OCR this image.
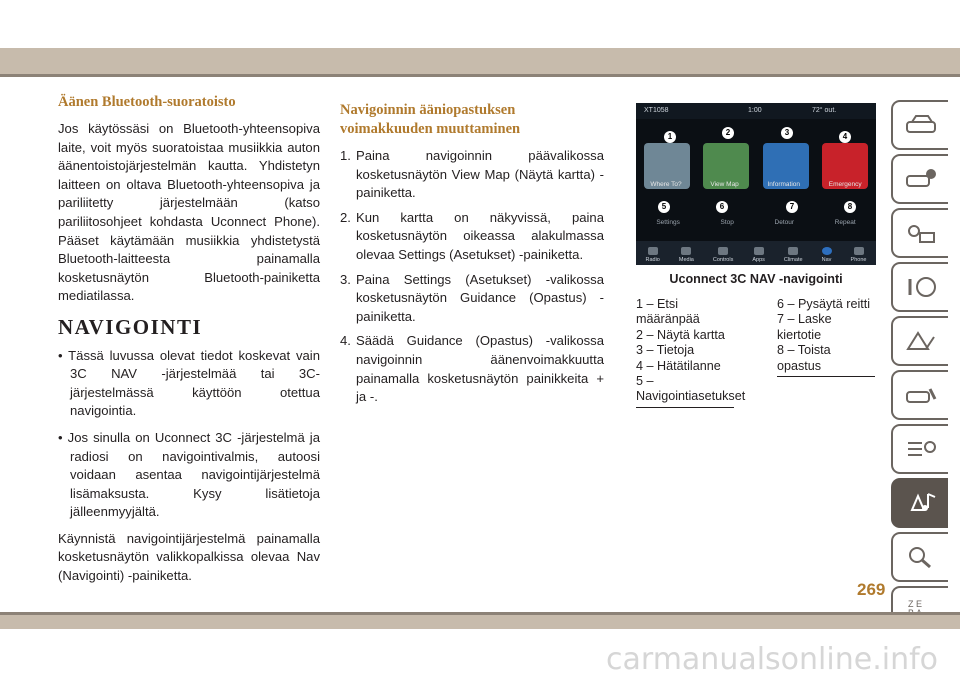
Äänen Bluetooth-suoratoisto
Jos käytössäsi on Bluetooth-yhteensopiva laite, voit myös suoratoistaa musiikkia auton äänentoistojärjestelmän kautta. Yhdistetyn laitteen on oltava Bluetooth-yhteensopiva ja pariliitetty järjestelmään (katso pariliitosohjeet kohdasta Uconnect Phone). Pääset käytämään musiikkia yhdistetystä Bluetooth-laitteesta painamalla kosketusnäytön Bluetooth-painiketta mediatilassa.
NAVIGOINTI
• Tässä luvussa olevat tiedot koskevat vain 3C NAV -järjestelmää tai 3C-järjestelmässä käyttöön otettua navigointia.
• Jos sinulla on Uconnect 3C -järjestelmä ja radiosi on navigointivalmis, autoosi voidaan asentaa navigointijärjestelmä lisämaksusta. Kysy lisätietoja jälleenmyyjältä.
Käynnistä navigointijärjestelmä painamalla kosketusnäytön valikkopalkissa olevaa Nav (Navigointi) -painiketta.
Navigoinnin ääniopastuksen voimakkuuden muuttaminen
1. Paina navigoinnin päävalikossa kosketusnäytön View Map (Näytä kartta) -painiketta.
2. Kun kartta on näkyvissä, paina kosketusnäytön oikeassa alakulmassa olevaa Settings (Asetukset) -painiketta.
3. Paina Settings (Asetukset) -valikossa kosketusnäytön Guidance (Opastus) -painiketta.
4. Säädä Guidance (Opastus) -valikossa navigoinnin äänenvoimakkuutta painamalla kosketusnäytön painikkeita + ja -.
XT1058	1:00	72° out.
Where To?	View Map	Information	Emergency
Settings	Stop	Detour	Repeat
Radio	Media	Controls	Apps	Climate	Nav	Phone
1	2	3	4
5	6	7	8
Uconnect 3C NAV -navigointi
1 – Etsi määränpää
2 – Näytä kartta
3 – Tietoja
4 – Hätätilanne
5 – Navigointiasetukset
6 – Pysäytä reitti
7 – Laske kiertotie
8 – Toista opastus
Z E
269
carmanualsonline.info
